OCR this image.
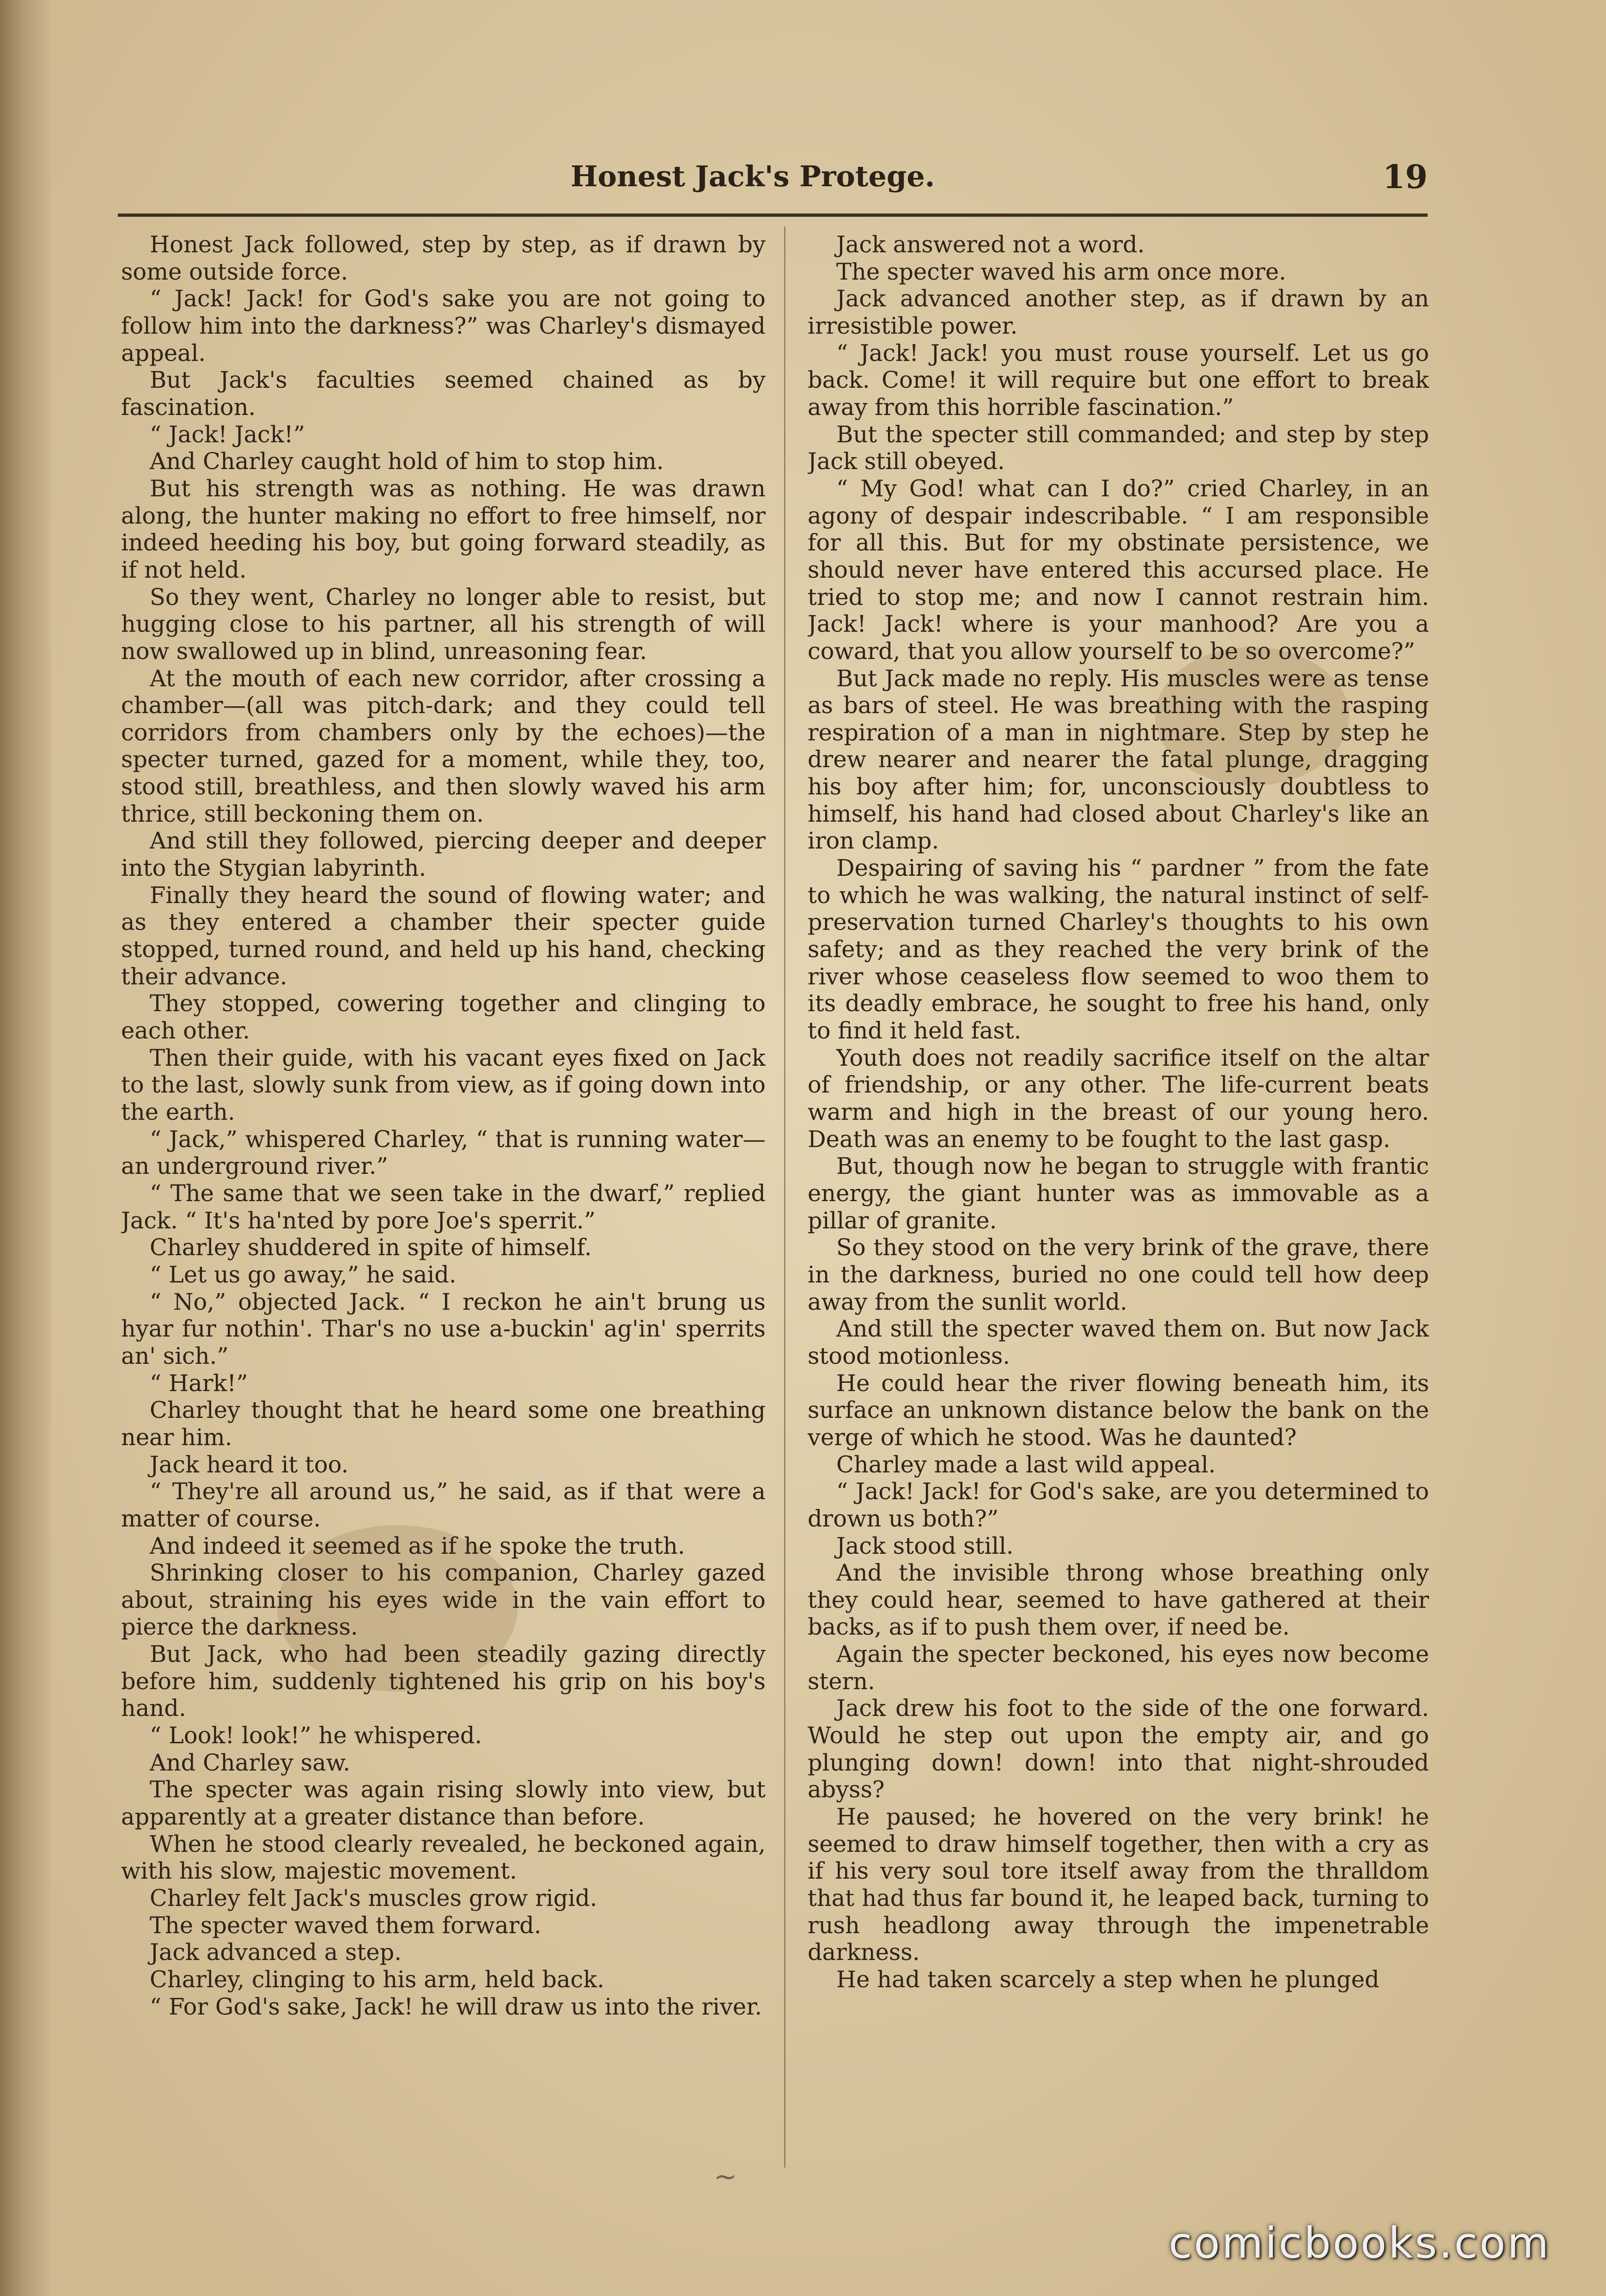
Honest Jack's Protege.	19

Honest Jack followed, step by step, as if drawn by some outside force.

“ Jack! Jack! for God's sake you are not going to follow him into the darkness?” was Charley's dismayed appeal.

But Jack's faculties seemed chained as by fascination.

“ Jack! Jack!”

And Charley caught hold of him to stop him.

But his strength was as nothing. He was drawn along, the hunter making no effort to free himself, nor indeed heeding his boy, but going forward steadily, as if not held.

So they went, Charley no longer able to resist, but hugging close to his partner, all his strength of will now swallowed up in blind, unreasoning fear.

At the mouth of each new corridor, after crossing a chamber—(all was pitch-dark; and they could tell corridors from chambers only by the echoes)—the specter turned, gazed for a moment, while they, too, stood still, breathless, and then slowly waved his arm thrice, still beckoning them on.

And still they followed, piercing deeper and deeper into the Stygian labyrinth.

Finally they heard the sound of flowing water; and as they entered a chamber their specter guide stopped, turned round, and held up his hand, checking their advance.

They stopped, cowering together and clinging to each other.

Then their guide, with his vacant eyes fixed on Jack to the last, slowly sunk from view, as if going down into the earth.

“ Jack,” whispered Charley, “ that is running water—an underground river.”

“ The same that we seen take in the dwarf,” replied Jack. “ It's ha'nted by pore Joe's sperrit.”

Charley shuddered in spite of himself.

“ Let us go away,” he said.

“ No,” objected Jack. “ I reckon he ain't brung us hyar fur nothin'. Thar's no use a-buckin' ag'in' sperrits an' sich.”

“ Hark!”

Charley thought that he heard some one breathing near him.

Jack heard it too.

“ They're all around us,” he said, as if that were a matter of course.

And indeed it seemed as if he spoke the truth.

Shrinking closer to his companion, Charley gazed about, straining his eyes wide in the vain effort to pierce the darkness.

But Jack, who had been steadily gazing directly before him, suddenly tightened his grip on his boy's hand.

“ Look! look!” he whispered.

And Charley saw.

The specter was again rising slowly into view, but apparently at a greater distance than before.

When he stood clearly revealed, he beckoned again, with his slow, majestic movement.

Charley felt Jack's muscles grow rigid.

The specter waved them forward.

Jack advanced a step.

Charley, clinging to his arm, held back.

“ For God's sake, Jack! he will draw us into the river.

Jack answered not a word.

The specter waved his arm once more.

Jack advanced another step, as if drawn by an irresistible power.

“ Jack! Jack! you must rouse yourself. Let us go back. Come! it will require but one effort to break away from this horrible fascination.”

But the specter still commanded; and step by step Jack still obeyed.

“ My God! what can I do?” cried Charley, in an agony of despair indescribable. “ I am responsible for all this. But for my obstinate persistence, we should never have entered this accursed place. He tried to stop me; and now I cannot restrain him. Jack! Jack! where is your manhood? Are you a coward, that you allow yourself to be so overcome?”

But Jack made no reply. His muscles were as tense as bars of steel. He was breathing with the rasping respiration of a man in nightmare. Step by step he drew nearer and nearer the fatal plunge, dragging his boy after him; for, unconsciously doubtless to himself, his hand had closed about Charley's like an iron clamp.

Despairing of saving his “ pardner ” from the fate to which he was walking, the natural instinct of self-preservation turned Charley's thoughts to his own safety; and as they reached the very brink of the river whose ceaseless flow seemed to woo them to its deadly embrace, he sought to free his hand, only to find it held fast.

Youth does not readily sacrifice itself on the altar of friendship, or any other. The life-current beats warm and high in the breast of our young hero. Death was an enemy to be fought to the last gasp.

But, though now he began to struggle with frantic energy, the giant hunter was as immovable as a pillar of granite.

So they stood on the very brink of the grave, there in the darkness, buried no one could tell how deep away from the sunlit world.

And still the specter waved them on. But now Jack stood motionless.

He could hear the river flowing beneath him, its surface an unknown distance below the bank on the verge of which he stood. Was he daunted?

Charley made a last wild appeal.

“ Jack! Jack! for God's sake, are you determined to drown us both?”

Jack stood still.

And the invisible throng whose breathing only they could hear, seemed to have gathered at their backs, as if to push them over, if need be.

Again the specter beckoned, his eyes now become stern.

Jack drew his foot to the side of the one forward. Would he step out upon the empty air, and go plunging down! down! into that night-shrouded abyss?

He paused; he hovered on the very brink! he seemed to draw himself together, then with a cry as if his very soul tore itself away from the thralldom that had thus far bound it, he leaped back, turning to rush headlong away through the impenetrable darkness.

He had taken scarcely a step when he plunged

~
comicbooks.com
